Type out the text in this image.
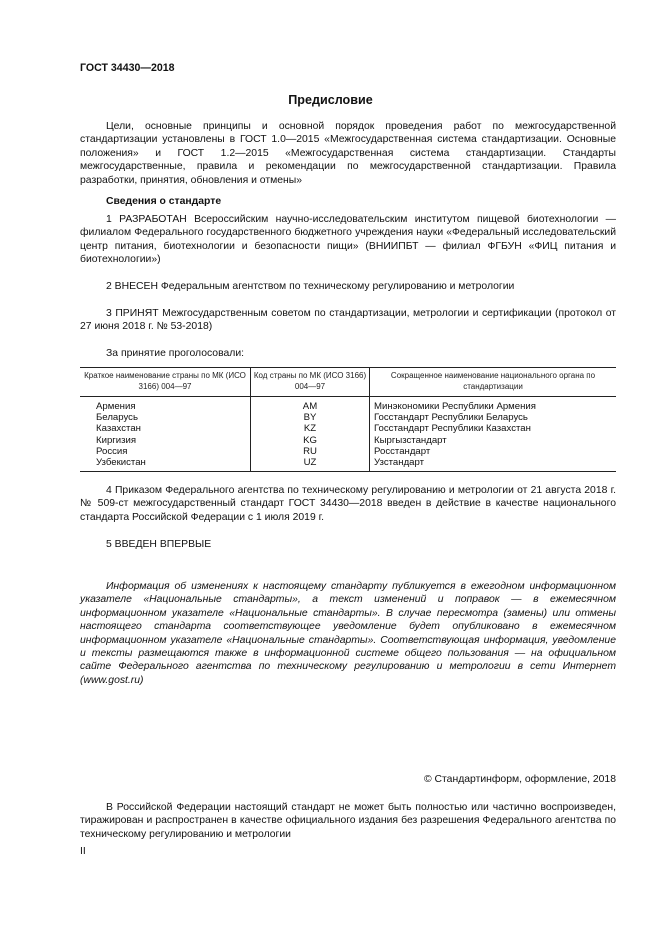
ГОСТ 34430—2018
Предисловие

Цели, основные принципы и основной порядок проведения работ по межгосударственной стандартизации установлены в ГОСТ 1.0—2015 «Межгосударственная система стандартизации. Основные положения» и ГОСТ 1.2—2015 «Межгосударственная система стандартизации. Стандарты межгосударственные, правила и рекомендации по межгосударственной стандартизации. Правила разработки, принятия, обновления и отмены»

Сведения о стандарте

1 РАЗРАБОТАН Всероссийским научно-исследовательским институтом пищевой биотехнологии — филиалом Федерального государственного бюджетного учреждения науки «Федеральный исследовательский центр питания, биотехнологии и безопасности пищи» (ВНИИПБТ — филиал ФГБУН «ФИЦ питания и биотехнологии»)

2 ВНЕСЕН Федеральным агентством по техническому регулированию и метрологии

3 ПРИНЯТ Межгосударственным советом по стандартизации, метрологии и сертификации (протокол от 27 июня 2018 г. № 53-2018)

За принятие проголосовали:
Краткое наименование страны по МК (ИСО 3166) 004—97	Код страны по МК (ИСО 3166) 004—97	Сокращенное наименование национального органа по стандартизации
Армения	AM	Минэкономики Республики Армения
Беларусь	BY	Госстандарт Республики Беларусь
Казахстан	KZ	Госстандарт Республики Казахстан
Киргизия	KG	Кыргызстандарт
Россия	RU	Росстандарт
Узбекистан	UZ	Узстандарт

4 Приказом Федерального агентства по техническому регулированию и метрологии от 21 августа 2018 г. № 509-ст межгосударственный стандарт ГОСТ 34430—2018 введен в действие в качестве национального стандарта Российской Федерации с 1 июля 2019 г.

5 ВВЕДЕН ВПЕРВЫЕ

Информация об изменениях к настоящему стандарту публикуется в ежегодном информационном указателе «Национальные стандарты», а текст изменений и поправок — в ежемесячном информационном указателе «Национальные стандарты». В случае пересмотра (замены) или отмены настоящего стандарта соответствующее уведомление будет опубликовано в ежемесячном информационном указателе «Национальные стандарты». Соответствующая информация, уведомление и тексты размещаются также в информационной системе общего пользования — на официальном сайте Федерального агентства по техническому регулированию и метрологии в сети Интернет (www.gost.ru)

© Стандартинформ, оформление, 2018

В Российской Федерации настоящий стандарт не может быть полностью или частично воспроизведен, тиражирован и распространен в качестве официального издания без разрешения Федерального агентства по техническому регулированию и метрологии

II
